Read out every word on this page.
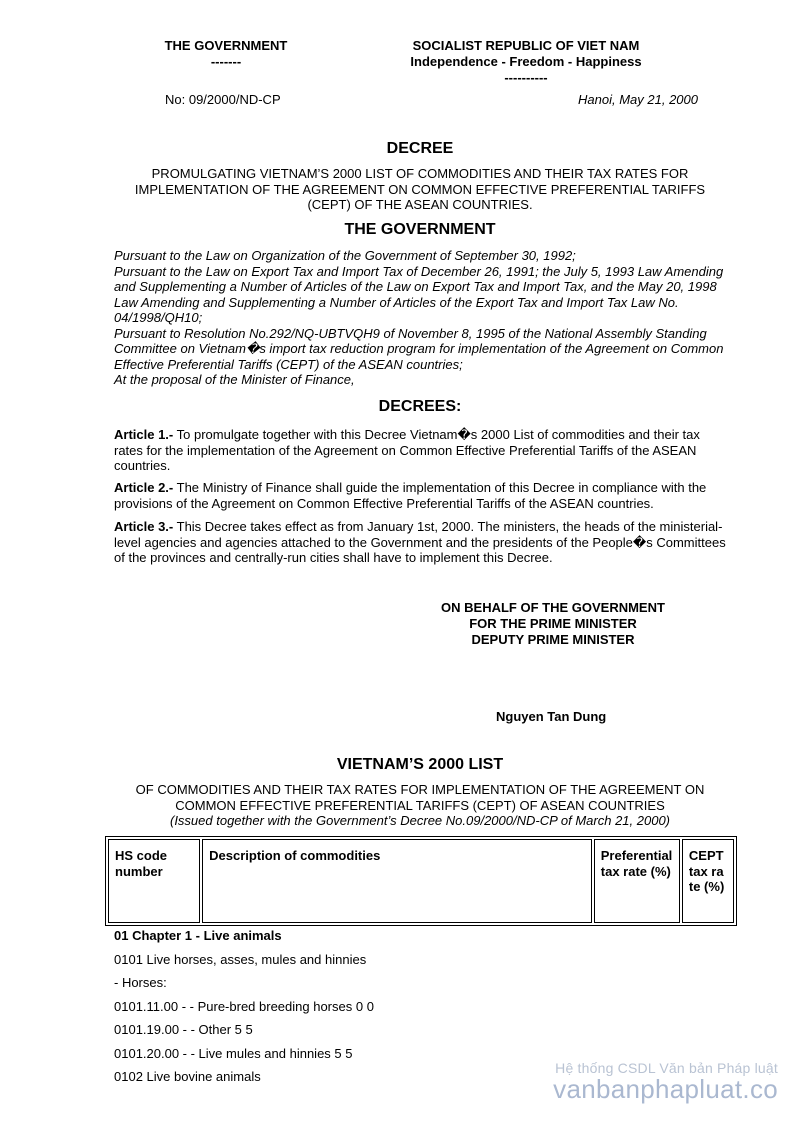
THE GOVERNMENT
-------
SOCIALIST REPUBLIC OF VIET NAM
Independence - Freedom - Happiness
----------
No: 09/2000/ND-CP	Hanoi, May 21, 2000
DECREE
PROMULGATING VIETNAM’S 2000 LIST OF COMMODITIES AND THEIR TAX RATES FOR IMPLEMENTATION OF THE AGREEMENT ON COMMON EFFECTIVE PREFERENTIAL TARIFFS (CEPT) OF THE ASEAN COUNTRIES.
THE GOVERNMENT

Pursuant to the Law on Organization of the Government of September 30, 1992;

Pursuant to the Law on Export Tax and Import Tax of December 26, 1991; the July 5, 1993 Law Amending and Supplementing a Number of Articles of the Law on Export Tax and Import Tax, and the May 20, 1998 Law Amending and Supplementing a Number of Articles of the Export Tax and Import Tax Law No. 04/1998/QH10;

Pursuant to Resolution No.292/NQ-UBTVQH9 of November 8, 1995 of the National Assembly Standing Committee on Vietnam�s import tax reduction program for implementation of the Agreement on Common Effective Preferential Tariffs (CEPT) of the ASEAN countries;

At the proposal of the Minister of Finance,

DECREES:

Article 1.- To promulgate together with this Decree Vietnam�s 2000 List of commodities and their tax rates for the implementation of the Agreement on Common Effective Preferential Tariffs of the ASEAN countries.

Article 2.- The Ministry of Finance shall guide the implementation of this Decree in compliance with the provisions of the Agreement on Common Effective Preferential Tariffs of the ASEAN countries.

Article 3.- This Decree takes effect as from January 1st, 2000. The ministers, the heads of the ministerial-level agencies and agencies attached to the Government and the presidents of the People�s Committees of the provinces and centrally-run cities shall have to implement this Decree.

ON BEHALF OF THE GOVERNMENT
FOR THE PRIME MINISTER
DEPUTY PRIME MINISTER
Nguyen Tan Dung
VIETNAM’S 2000 LIST
OF COMMODITIES AND THEIR TAX RATES FOR IMPLEMENTATION OF THE AGREEMENT ON COMMON EFFECTIVE PREFERENTIAL TARIFFS (CEPT) OF ASEAN COUNTRIES
(Issued together with the Government’s Decree No.09/2000/ND-CP of March 21, 2000)
HS code number	Description of commodities	Preferential tax rate (%)	CEPT tax rate (%)
01 Chapter 1 - Live animals
0101 Live horses, asses, mules and hinnies
- Horses:
0101.11.00 - - Pure-bred breeding horses 0 0
0101.19.00 - - Other 5 5
0101.20.00 - - Live mules and hinnies 5 5
0102 Live bovine animals
Hệ thống CSDL Văn bản Pháp luật
vanbanphapluat.co
